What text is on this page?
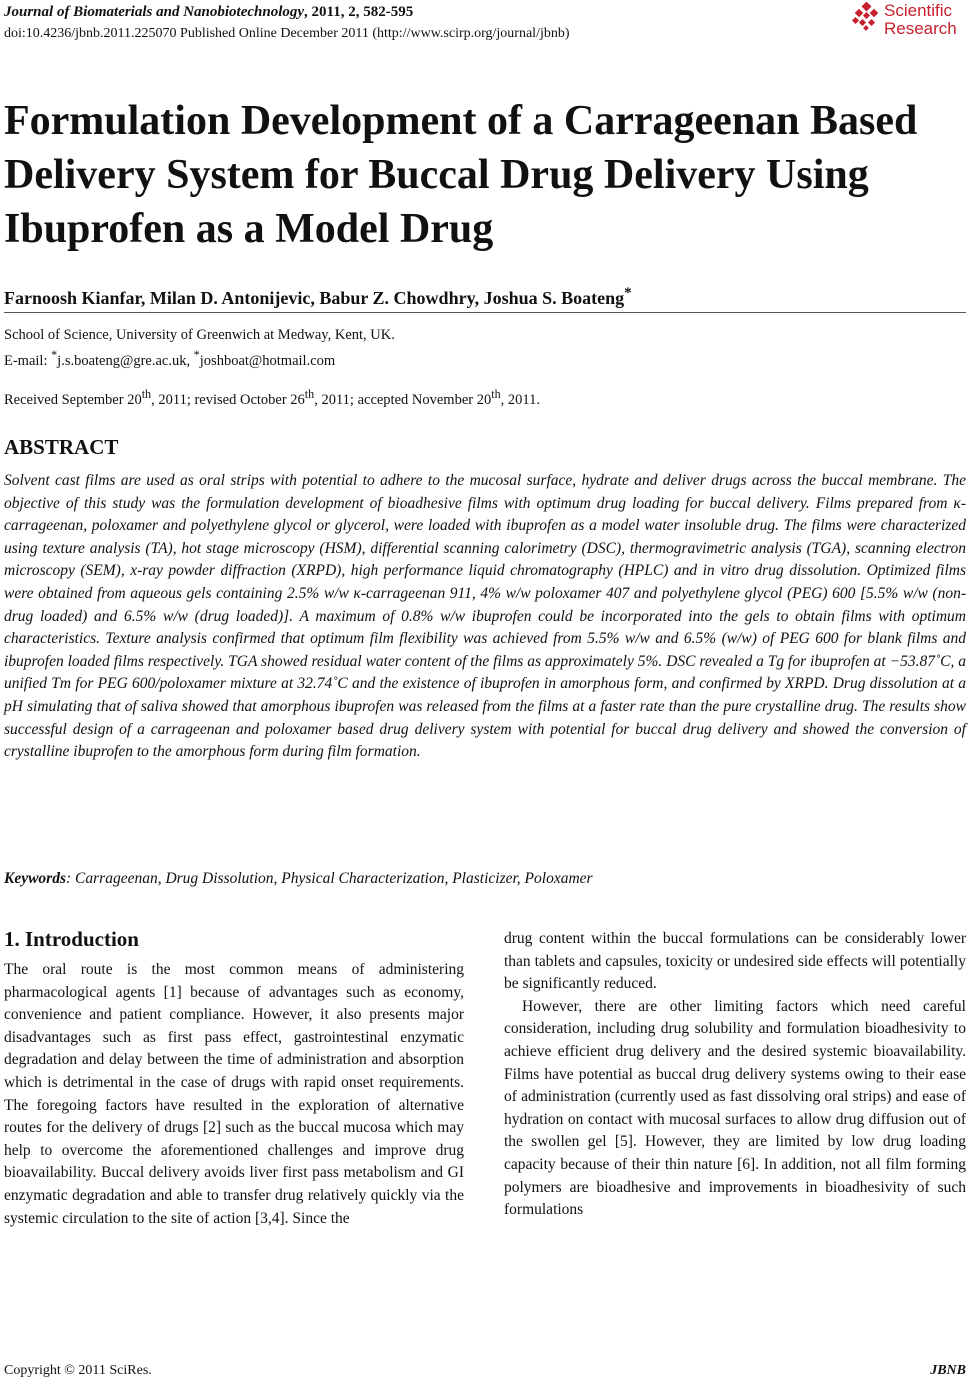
Journal of Biomaterials and Nanobiotechnology, 2011, 2, 582-595
doi:10.4236/jbnb.2011.225070 Published Online December 2011 (http://www.scirp.org/journal/jbnb)
Scientific
Research
Formulation Development of a Carrageenan Based Delivery System for Buccal Drug Delivery Using Ibuprofen as a Model Drug
Farnoosh Kianfar, Milan D. Antonijevic, Babur Z. Chowdhry, Joshua S. Boateng*
School of Science, University of Greenwich at Medway, Kent, UK.
E-mail: *j.s.boateng@gre.ac.uk, *joshboat@hotmail.com
Received September 20th, 2011; revised October 26th, 2011; accepted November 20th, 2011.
ABSTRACT

Solvent cast films are used as oral strips with potential to adhere to the mucosal surface, hydrate and deliver drugs across the buccal membrane. The objective of this study was the formulation development of bioadhesive films with optimum drug loading for buccal delivery. Films prepared from κ-carrageenan, poloxamer and polyethylene glycol or glycerol, were loaded with ibuprofen as a model water insoluble drug. The films were characterized using texture analysis (TA), hot stage microscopy (HSM), differential scanning calorimetry (DSC), thermogravimetric analysis (TGA), scanning electron microscopy (SEM), x-ray powder diffraction (XRPD), high performance liquid chromatography (HPLC) and in vitro drug dissolution. Optimized films were obtained from aqueous gels containing 2.5% w/w κ-carrageenan 911, 4% w/w poloxamer 407 and polyethylene glycol (PEG) 600 [5.5% w/w (non-drug loaded) and 6.5% w/w (drug loaded)]. A maximum of 0.8% w/w ibuprofen could be incorporated into the gels to obtain films with optimum characteristics. Texture analysis confirmed that optimum film flexibility was achieved from 5.5% w/w and 6.5% (w/w) of PEG 600 for blank films and ibuprofen loaded films respectively. TGA showed residual water content of the films as approximately 5%. DSC revealed a Tg for ibuprofen at −53.87˚C, a unified Tm for PEG 600/poloxamer mixture at 32.74˚C and the existence of ibuprofen in amorphous form, and confirmed by XRPD. Drug dissolution at a pH simulating that of saliva showed that amorphous ibuprofen was released from the films at a faster rate than the pure crystalline drug. The results show successful design of a carrageenan and poloxamer based drug delivery system with potential for buccal drug delivery and showed the conversion of crystalline ibuprofen to the amorphous form during film formation.

Keywords: Carrageenan, Drug Dissolution, Physical Characterization, Plasticizer, Poloxamer
1. Introduction

The oral route is the most common means of administering pharmacological agents [1] because of advantages such as economy, convenience and patient compliance. However, it also presents major disadvantages such as first pass effect, gastrointestinal enzymatic degradation and delay between the time of administration and absorption which is detrimental in the case of drugs with rapid onset requirements. The foregoing factors have resulted in the exploration of alternative routes for the delivery of drugs [2] such as the buccal mucosa which may help to overcome the aforementioned challenges and improve drug bioavailability. Buccal delivery avoids liver first pass metabolism and GI enzymatic degradation and able to transfer drug relatively quickly via the systemic circulation to the site of action [3,4]. Since the

drug content within the buccal formulations can be considerably lower than tablets and capsules, toxicity or undesired side effects will potentially be significantly reduced.

However, there are other limiting factors which need careful consideration, including drug solubility and formulation bioadhesivity to achieve efficient drug delivery and the desired systemic bioavailability. Films have potential as buccal drug delivery systems owing to their ease of administration (currently used as fast dissolving oral strips) and ease of hydration on contact with mucosal surfaces to allow drug diffusion out of the swollen gel [5]. However, they are limited by low drug loading capacity because of their thin nature [6]. In addition, not all film forming polymers are bioadhesive and improvements in bioadhesivity of such formulations

Copyright © 2011 SciRes.	JBNB
